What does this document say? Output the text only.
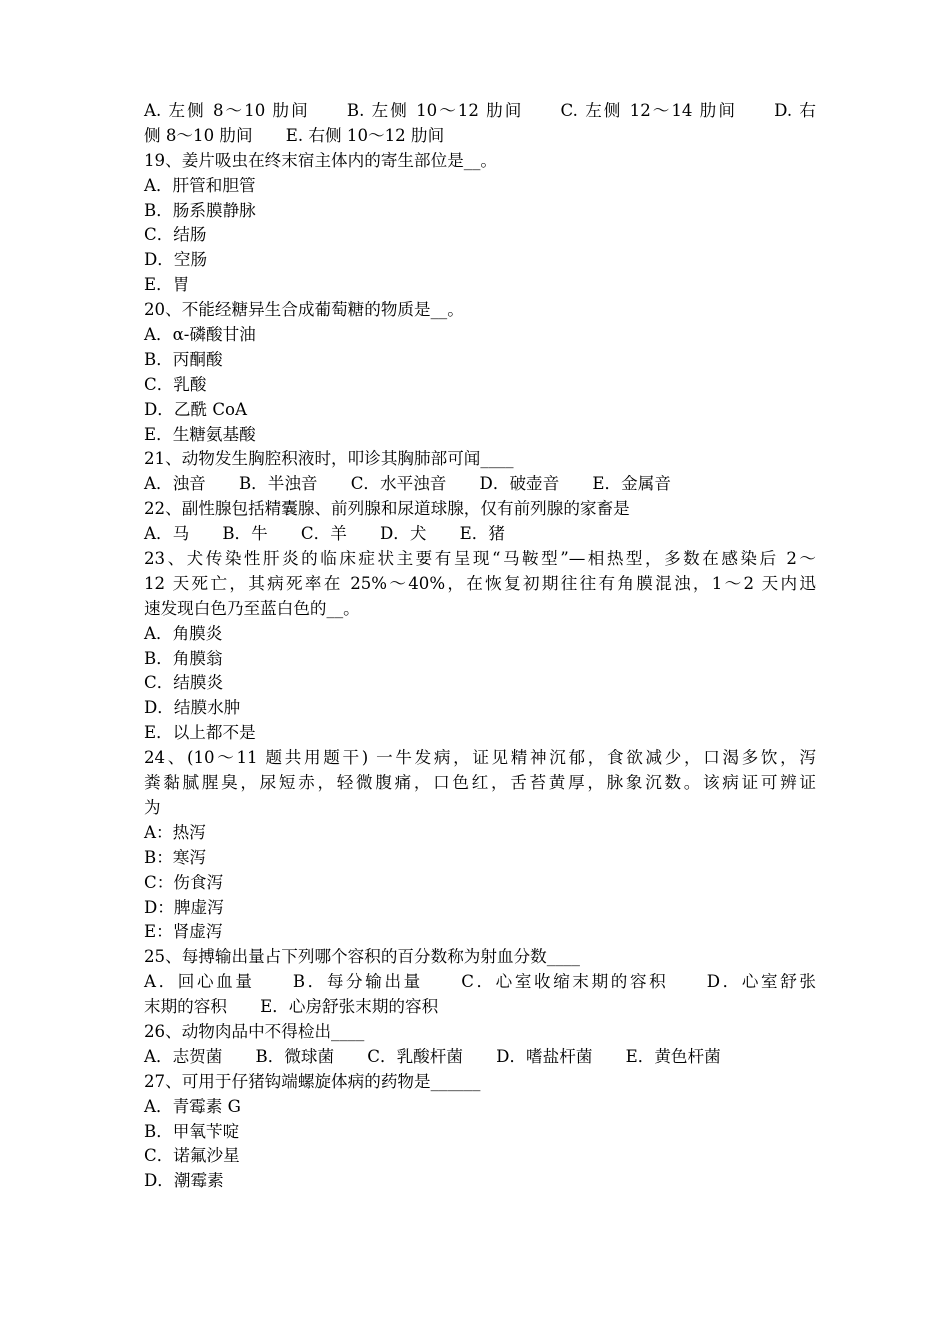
A. 左侧 8～10 肋间　　B. 左侧 10～12 肋间　　C. 左侧 12～14 肋间　　D. 右
侧 8～10 肋间　　E. 右侧 10～12 肋间
19、姜片吸虫在终末宿主体内的寄生部位是__。
A．肝管和胆管
B．肠系膜静脉
C．结肠
D．空肠
E．胃
20、不能经糖异生合成葡萄糖的物质是__。
A．α-磷酸甘油
B．丙酮酸
C．乳酸
D．乙酰 CoA
E．生糖氨基酸
21、动物发生胸腔积液时，叩诊其胸肺部可闻____
A．浊音　　B．半浊音　　C．水平浊音　　D．破壶音　　E．金属音
22、副性腺包括精囊腺、前列腺和尿道球腺，仅有前列腺的家畜是
A．马　　B．牛　　C．羊　　D．犬　　E．猪
23、犬传染性肝炎的临床症状主要有呈现“马鞍型”—相热型，多数在感染后 2～
12 天死亡，其病死率在 25%～40%，在恢复初期往往有角膜混浊，1～2 天内迅
速发现白色乃至蓝白色的__。
A．角膜炎
B．角膜翁
C．结膜炎
D．结膜水肿
E．以上都不是
24、(10～11 题共用题干) 一牛发病，证见精神沉郁，食欲减少，口渴多饮，泻
粪黏腻腥臭，尿短赤，轻微腹痛，口色红，舌苔黄厚，脉象沉数。该病证可辨证
为
A：热泻
B：寒泻
C：伤食泻
D：脾虚泻
E：肾虚泻
25、每搏输出量占下列哪个容积的百分数称为射血分数____
A．回心血量　　B．每分输出量　　C．心室收缩末期的容积　　D．心室舒张
末期的容积　　E．心房舒张末期的容积
26、动物肉品中不得检出____
A．志贺菌　　B．微球菌　　C．乳酸杆菌　　D．嗜盐杆菌　　E．黄色杆菌
27、可用于仔猪钩端螺旋体病的药物是______
A．青霉素 G
B．甲氧苄啶
C．诺氟沙星
D．潮霉素
